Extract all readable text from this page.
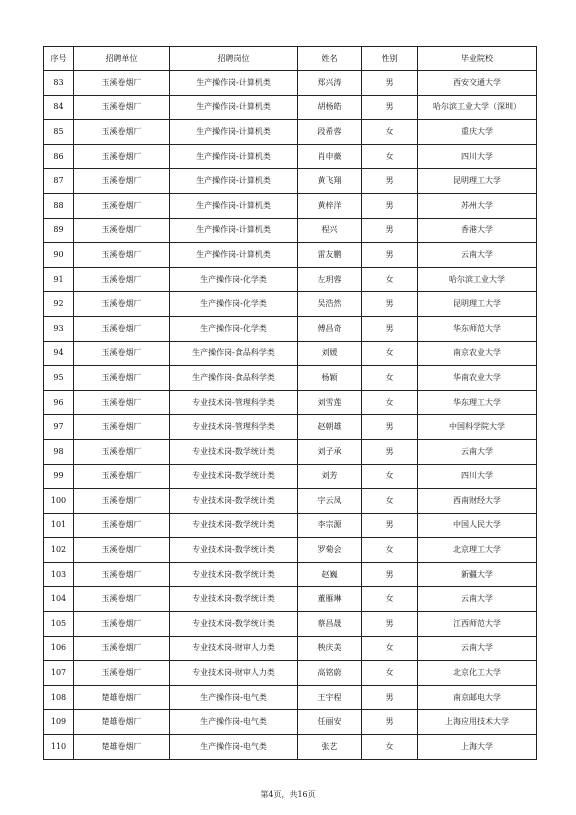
序号	招聘单位	招聘岗位	姓名	性别	毕业院校
83	玉溪卷烟厂	生产操作岗-计算机类	郑兴涛	男	西安交通大学
84	玉溪卷烟厂	生产操作岗-计算机类	胡杨皓	男	哈尔滨工业大学（深圳）
85	玉溪卷烟厂	生产操作岗-计算机类	段希蓉	女	重庆大学
86	玉溪卷烟厂	生产操作岗-计算机类	肖申薇	女	四川大学
87	玉溪卷烟厂	生产操作岗-计算机类	黄飞翔	男	昆明理工大学
88	玉溪卷烟厂	生产操作岗-计算机类	黄梓洋	男	苏州大学
89	玉溪卷烟厂	生产操作岗-计算机类	程兴	男	香港大学
90	玉溪卷烟厂	生产操作岗-计算机类	雷友鹏	男	云南大学
91	玉溪卷烟厂	生产操作岗-化学类	左玥蓉	女	哈尔滨工业大学
92	玉溪卷烟厂	生产操作岗-化学类	吴浩然	男	昆明理工大学
93	玉溪卷烟厂	生产操作岗-化学类	傅昌奇	男	华东师范大学
94	玉溪卷烟厂	生产操作岗-食品科学类	刘媛	女	南京农业大学
95	玉溪卷烟厂	生产操作岗-食品科学类	杨颖	女	华南农业大学
96	玉溪卷烟厂	专业技术岗-管理科学类	刘雪莲	女	华东理工大学
97	玉溪卷烟厂	专业技术岗-管理科学类	赵朝雄	男	中国科学院大学
98	玉溪卷烟厂	专业技术岗-数学统计类	刘子承	男	云南大学
99	玉溪卷烟厂	专业技术岗-数学统计类	刘芳	女	四川大学
100	玉溪卷烟厂	专业技术岗-数学统计类	字云凤	女	西南财经大学
101	玉溪卷烟厂	专业技术岗-数学统计类	李宗源	男	中国人民大学
102	玉溪卷烟厂	专业技术岗-数学统计类	罗菊会	女	北京理工大学
103	玉溪卷烟厂	专业技术岗-数学统计类	赵巍	男	新疆大学
104	玉溪卷烟厂	专业技术岗-数学统计类	董雁琳	女	云南大学
105	玉溪卷烟厂	专业技术岗-数学统计类	蔡昌晟	男	江西师范大学
106	玉溪卷烟厂	专业技术岗-财审人力类	秧庆美	女	云南大学
107	玉溪卷烟厂	专业技术岗-财审人力类	高铭蔚	女	北京化工大学
108	楚雄卷烟厂	生产操作岗-电气类	王宇程	男	南京邮电大学
109	楚雄卷烟厂	生产操作岗-电气类	任丽安	男	上海应用技术大学
110	楚雄卷烟厂	生产操作岗-电气类	张艺	女	上海大学
第4页，共16页
